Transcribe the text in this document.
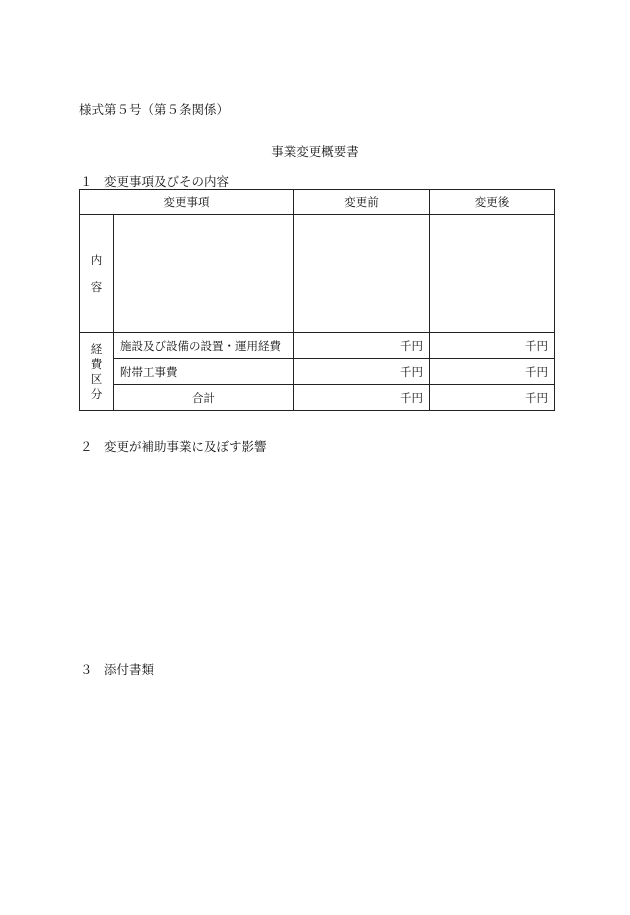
様式第５号（第５条関係）
事業変更概要書
１ 変更事項及びその内容
変更事項		変更前	変更後

内
容			

経
費
区
分	施設及び設備の設置・運用経費	千円	千円
	附帯工事費	千円	千円
	合計	千円	千円
２ 変更が補助事業に及ぼす影響
３ 添付書類
